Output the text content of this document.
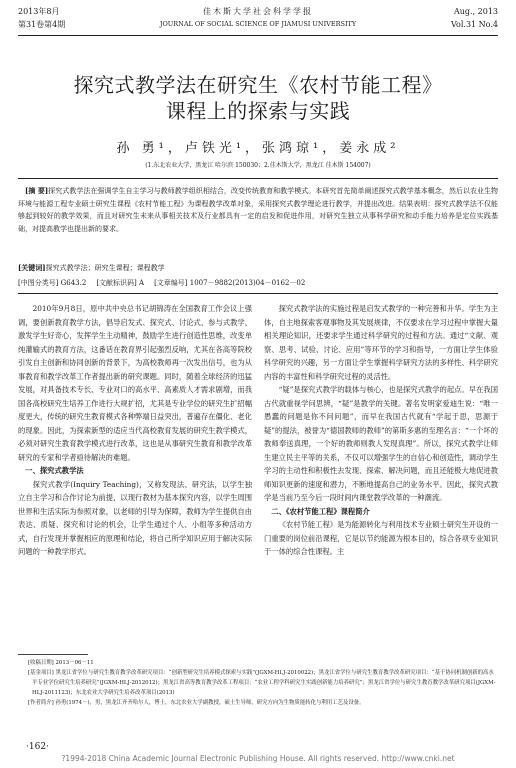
2013年8月	佳木斯大学社会科学学报	Aug., 2013
第31卷第4期	JOURNAL OF SOCIAL SCIENCE OF JIAMUSI UNIVERSITY	Vol.31 No.4
探究式教学法在研究生《农村节能工程》
课程上的探索与实践
孙 勇¹，卢铁光¹，张鸿琼¹，姜永成²
(1.东北农业大学，黑龙江 哈尔滨 150030；2.佳木斯大学，黑龙江 佳木斯 154007)
[摘 要]探究式教学法在强调学生自主学习与教师教学组织相结合，改变传统教育和教学模式。本研究首先简单阐述探究式教学基本概念，然后以农业生物环境与能源工程专业硕士研究生课程《农村节能工程》为课程教学改革对象，采用探究式教学理论进行教学，并提出改进。结果表明：探究式教学法不仅能够起到较好的教学效果，而且对研究生未来从事相关技术及行业都具有一定的启发和促进作用，对研究生独立从事科学研究和动手能力培养是定位实践基础，对提高教学也提出新的要求。
[关键词]探究式教学法；研究生课程；课程教学
[中图分类号] G643.2 [文献标识码] A [文章编号] 1007－9882(2013)04－0162－02

2010年9月8日，原中共中央总书记胡锦涛在全国教育工作会议上强调，要创新教育教学方法，倡导启发式、探究式、讨论式、参与式教学，激发学生好奇心，发挥学生主动精神，鼓励学生进行创造性思维，改变单纯灌输式的教育方法，这番话在教育界引起强烈反响，尤其在各高等院校引发自主创新和协同创新的背景下，为高校教师再一次发出信号，也为从事教育和教学改革工作者提出新的研究课题。同时，随着全球经济的迅猛发展，对具备技术专长、专业对口的高水平、高素质人才需求剧增，而我国各高校研究生培养工作进行大规扩招，尤其是专业学位的研究生扩招幅度更大，传统的研究生教育模式各种弊端日益突出，普遍存在僵化、老化的现象。因此，为探索新型的适应当代高校教育发展的研究生教学模式，必须对研究生教育教学模式进行改革，这也是从事研究生教育和教学改革研究的专家和学者亟待解决的难题。

一、探究式教学法

探究式教学(Inquiry Teaching)，又称发现法、研究法，以学生独立自主学习和合作讨论为前提，以现行教材为基本探究内容，以学生周围世界和生活实际为参照对象，以老师的引导为保障，教师为学生提供自由表达、质疑、探究和讨论的机会，让学生通过个人、小组等多种活动方式，自行发现并掌握相应的原理和结论，将自己所学知识应用于解决实际问题的一种教学形式。

探究式教学法的实施过程是启发式教学的一种完善和升华。学生为主体，自主地探索客观事物及其发展规律，不仅要求在学习过程中掌握大量相关理论知识，还要求学生通过科学研究的过程和方法。通过“文献、观察、思考、试验、讨论、应用”等环节的学习和指导，一方面让学生体验科学研究的兴趣，另一方面让学生掌握科学研究方法的多样性、科学研究内容的丰富性和科学研究过程的灵活性。

“疑”是探究式教学的载体与核心，也是探究式教学的起点。早在我国古代就重视学问思辨，“疑”是教学的关键。著名发明家爱迪生说：“唯一愚蠢的问题是你不问问题”，而早在我国古代就有“学起于思，思源于疑”的提法，被誉为“德国教师的教师”的第斯多惠的至理名言：“一个坏的教师奉送真理，一个好的教师则教人发现真理”。所以，探究式教学让师生建立民主平等的关系，不仅可以增强学生的自信心和创造性，调动学生学习的主动性和积极性去发现、探索、解决问题，而且还能极大地促进教师知识更新的速度和潜力，不断地提高自己的业务水平。因此，探究式教学是当前乃至今后一段时间内课堂教学改革的一种潮流。

二、《农村节能工程》课程简介

《农村节能工程》是为能源转化与利用技术专业硕士研究生开设的一门重要的岗位前沿课程，它是以节约能源为根本目的，综合各项专业知识于一体的综合性课程。主

[收稿日期] 2013－06－11

[基金项目] 黑龙江省学位与研究生教育教学改革研究项目：“创新型研究生培养模式探索与实践”(JGXM-HLJ-2010022)；黑龙江省学位与研究生教育教学改革研究项目：“基于协同机制创新的高水平专业学位研究生培养研究”(JGXM-HLJ-2012012)；黑龙江省高等教育教学改革工程项目：“农业工程学科研究生实践创新能力培养研究”；黑龙江省学位与研究生教育教学改革研究项目(JGXM-HLJ-2011123)；东北农业大学研究生培养改革项目(2013)

[作者简介] 孙勇(1974－)，男，黑龙江齐齐哈尔人，博士，东北农业大学副教授，硕士生导师，研究方向为生物质能转化与利用工艺及设备。

·162·
?1994-2018 China Academic Journal Electronic Publishing House. All rights reserved. http://www.cnki.net
